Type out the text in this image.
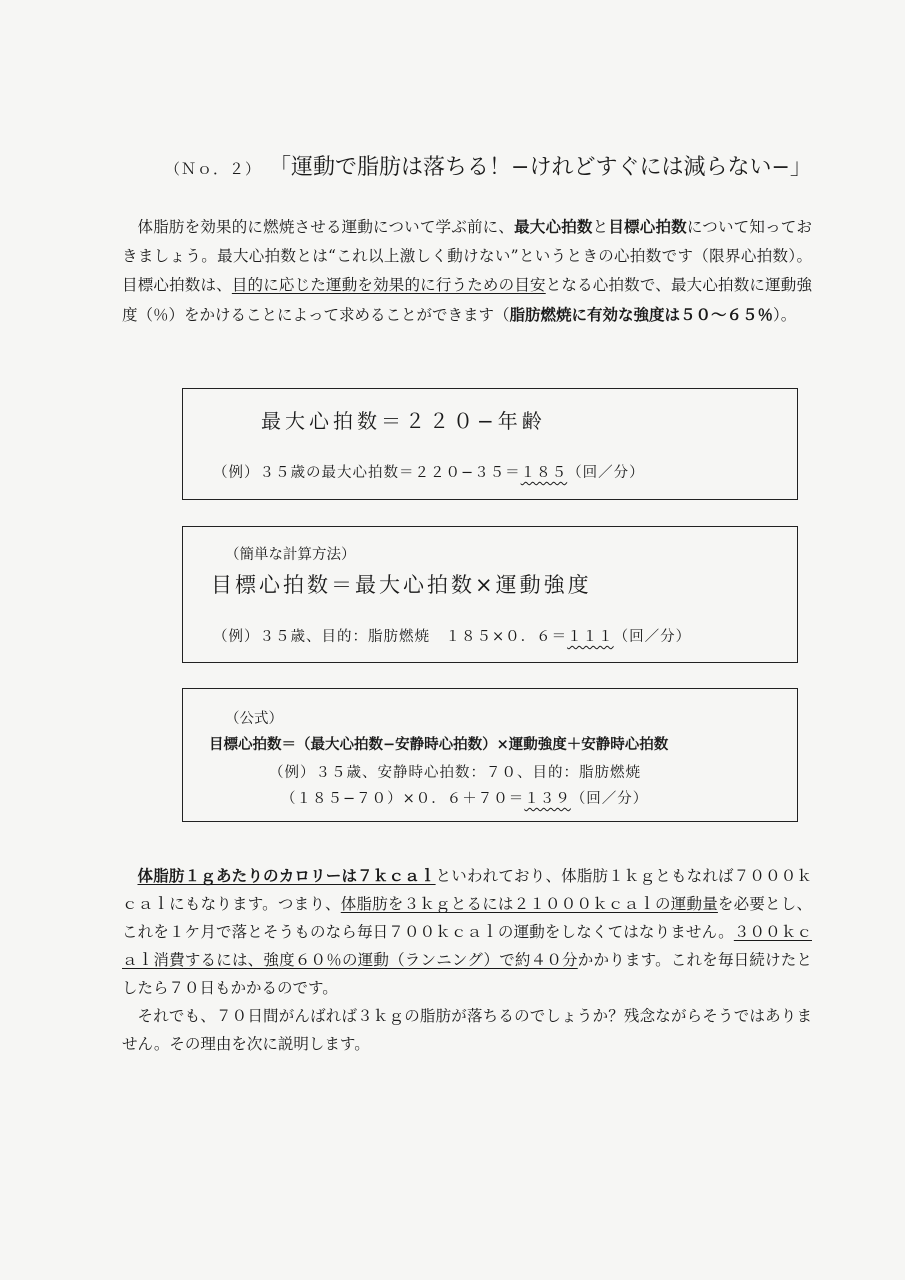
（Ｎｏ．２） 「運動で脂肪は落ちる！−けれどすぐには減らない−」

体脂肪を効果的に燃焼させる運動について学ぶ前に、最大心拍数と目標心拍数について知っておきましょう。最大心拍数とは“これ以上激しく動けない”というときの心拍数です（限界心拍数）。目標心拍数は、目的に応じた運動を効果的に行うための目安となる心拍数で、最大心拍数に運動強度（％）をかけることによって求めることができます（脂肪燃焼に有効な強度は５０〜６５％）。

最大心拍数＝２２０−年齢
（例）３５歳の最大心拍数＝２２０−３５＝１８５（回／分）
（簡単な計算方法）
目標心拍数＝最大心拍数×運動強度
（例）３５歳、目的：脂肪燃焼　１８５×０．６＝１１１（回／分）
（公式）
目標心拍数＝（最大心拍数−安静時心拍数）×運動強度＋安静時心拍数
（例）３５歳、安静時心拍数：７０、目的：脂肪燃焼
（１８５−７０）×０．６＋７０＝１３９（回／分）

体脂肪１ｇあたりのカロリーは７ｋｃａｌといわれており、体脂肪１ｋｇともなれば７０００ｋｃａｌにもなります。つまり、体脂肪を３ｋｇとるには２１０００ｋｃａｌの運動量を必要とし、これを１ケ月で落とそうものなら毎日７００ｋｃａｌの運動をしなくてはなりません。３００ｋｃａｌ消費するには、強度６０％の運動（ランニング）で約４０分かかります。これを毎日続けたとしたら７０日もかかるのです。

それでも、７０日間がんばれば３ｋｇの脂肪が落ちるのでしょうか？残念ながらそうではありません。その理由を次に説明します。
